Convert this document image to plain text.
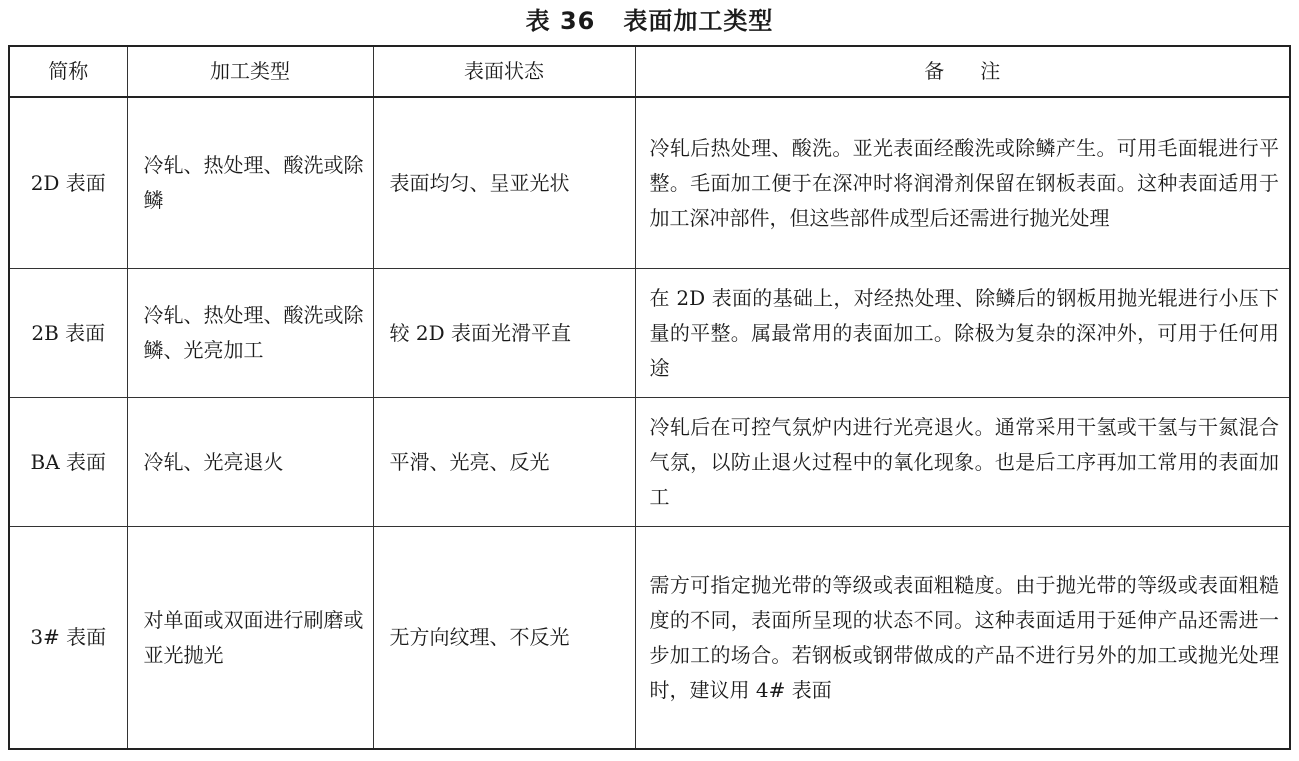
表 36 表面加工类型
简称	加工类型	表面状态	备注
2D 表面	冷轧、热处理、酸洗或除鳞	表面均匀、呈亚光状	冷轧后热处理、酸洗。亚光表面经酸洗或除鳞产生。可用毛面辊进行平整。毛面加工便于在深冲时将润滑剂保留在钢板表面。这种表面适用于加工深冲部件，但这些部件成型后还需进行抛光处理
2B 表面	冷轧、热处理、酸洗或除鳞、光亮加工	较 2D 表面光滑平直	在 2D 表面的基础上，对经热处理、除鳞后的钢板用抛光辊进行小压下量的平整。属最常用的表面加工。除极为复杂的深冲外，可用于任何用途
BA 表面	冷轧、光亮退火	平滑、光亮、反光	冷轧后在可控气氛炉内进行光亮退火。通常采用干氢或干氢与干氮混合气氛，以防止退火过程中的氧化现象。也是后工序再加工常用的表面加工
3# 表面	对单面或双面进行刷磨或亚光抛光	无方向纹理、不反光	需方可指定抛光带的等级或表面粗糙度。由于抛光带的等级或表面粗糙度的不同，表面所呈现的状态不同。这种表面适用于延伸产品还需进一步加工的场合。若钢板或钢带做成的产品不进行另外的加工或抛光处理时，建议用 4# 表面
